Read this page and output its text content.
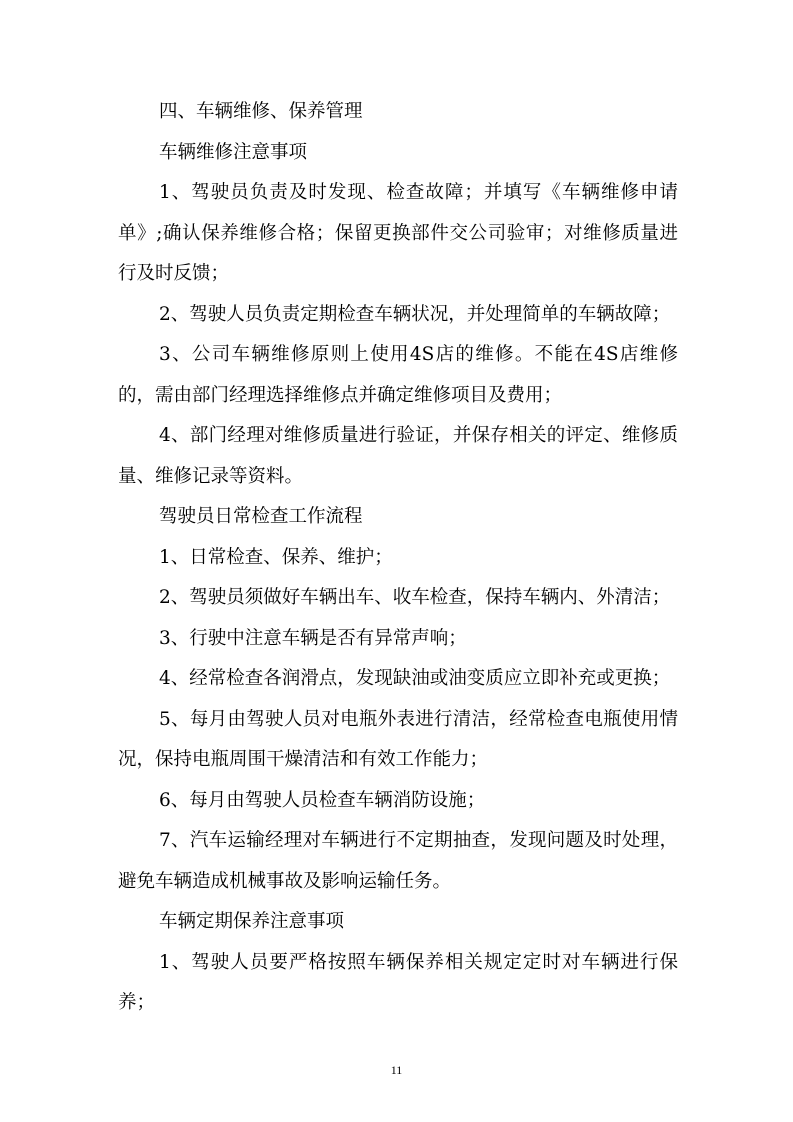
四、车辆维修、保养管理

车辆维修注意事项

1、驾驶员负责及时发现、检查故障；并填写《车辆维修申请单》;确认保养维修合格；保留更换部件交公司验审；对维修质量进行及时反馈；

2、驾驶人员负责定期检查车辆状况，并处理简单的车辆故障；

3、公司车辆维修原则上使用4S店的维修。不能在4S店维修的，需由部门经理选择维修点并确定维修项目及费用；

4、部门经理对维修质量进行验证，并保存相关的评定、维修质量、维修记录等资料。

驾驶员日常检查工作流程

1、日常检查、保养、维护；

2、驾驶员须做好车辆出车、收车检查，保持车辆内、外清洁；

3、行驶中注意车辆是否有异常声响；

4、经常检查各润滑点，发现缺油或油变质应立即补充或更换；

5、每月由驾驶人员对电瓶外表进行清洁，经常检查电瓶使用情况，保持电瓶周围干燥清洁和有效工作能力；

6、每月由驾驶人员检查车辆消防设施；

7、汽车运输经理对车辆进行不定期抽查，发现问题及时处理，避免车辆造成机械事故及影响运输任务。

车辆定期保养注意事项

1、驾驶人员要严格按照车辆保养相关规定定时对车辆进行保养；

11
